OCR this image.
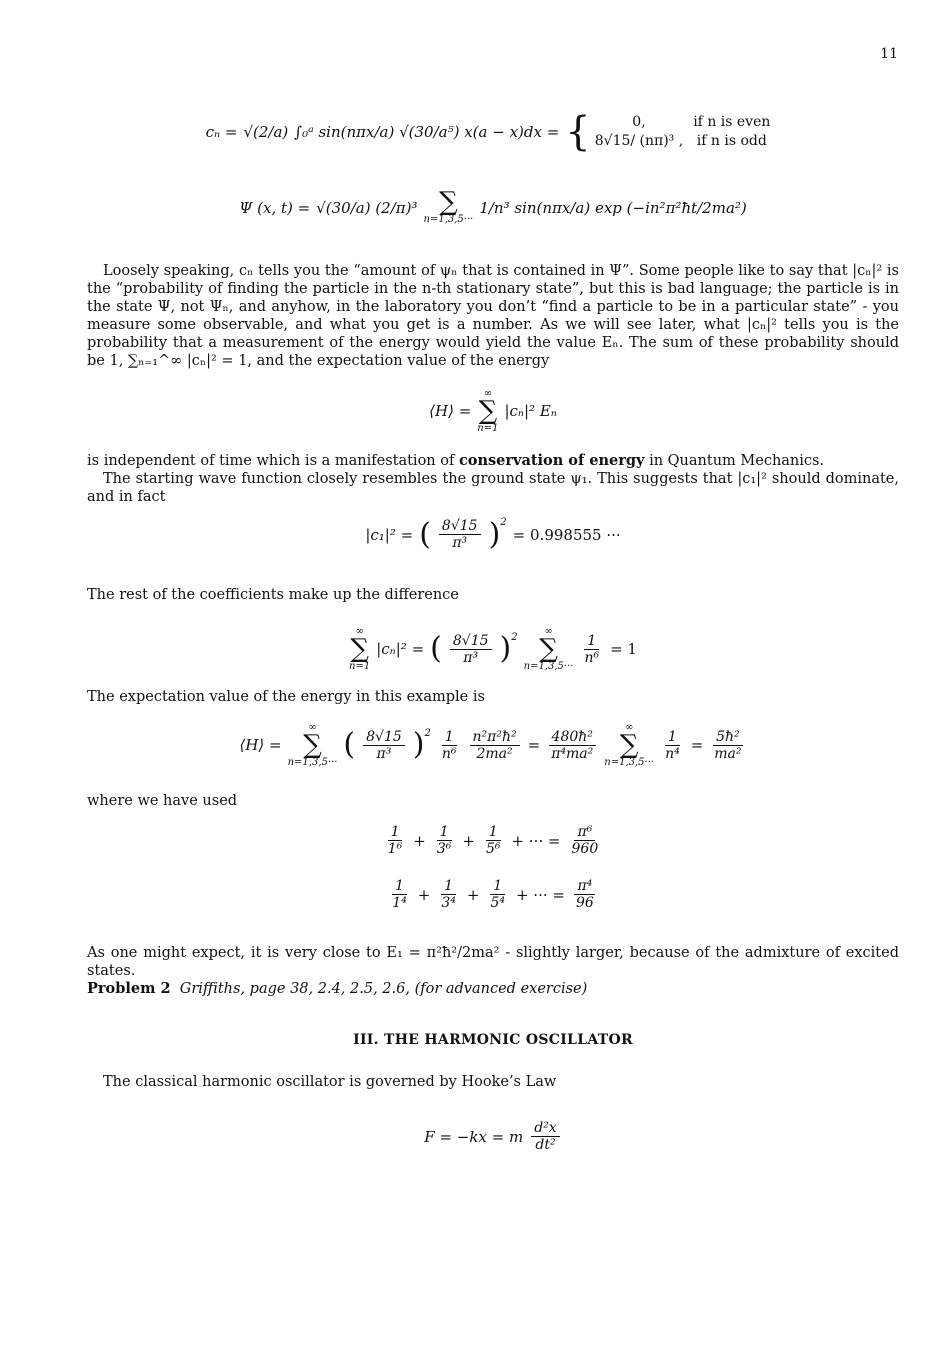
11
cₙ = √(2/a) ∫₀ᵃ sin(nπx/a) √(30/a⁵) x(a − x)dx = {	0,	if n is even
8√15/ (nπ)³ ,	if n is odd
Ψ (x, t) = √(30/a) (2/π)³ ∑
n=1,3,5···
1/n³ sin(nπx/a) exp (−in²π²ħt/2ma²)
Loosely speaking, cₙ tells you the “amount of ψₙ that is contained in Ψ”. Some people like to say that |cₙ|² is the “probability of finding the particle in the n-th stationary state”, but this is bad language; the particle is in the state Ψ, not Ψₙ, and anyhow, in the laboratory you don’t “find a particle to be in a particular state” - you measure some observable, and what you get is a number. As we will see later, what |cₙ|² tells you is the probability that a measurement of the energy would yield the value Eₙ. The sum of these probability should be 1, ∑ₙ₌₁^∞ |cₙ|² = 1, and the expectation value of the energy
⟨H⟩ =
∞
∑
n=1
|cₙ|² Eₙ
is independent of time which is a manifestation of conservation of energy in Quantum Mechanics.
The starting wave function closely resembles the ground state ψ₁. This suggests that |c₁|² should dominate, and in fact
|c₁|² = ( $\frac{8√15}{\text{π³}}$ ) 2
= 0.998555 ···
The rest of the coefficients make up the difference
∞
∑
n=1
|cₙ|² = ( $\frac{8√15}{\text{π³}}$ ) 2	∞
∑
n=1,3,5···
$\frac{1}{\text{n⁶}} = 1$
The expectation value of the energy in this example is
⟨H⟩ =
∞
∑
n=1,3,5···
( $\frac{8√15}{\text{π³}}$ ) $2 \frac{1}{\text{n⁶}} \frac{\text{n²π²ħ²}}{\text{2ma²}} = \frac{\text{480ħ²}}{\text{π⁴ma²}}$
∞
∑
n=1,3,5···
$\frac{1}{\text{n⁴}} = \frac{\text{5ħ²}}{\text{ma²}}$
where we have used
$\frac{1}{\text{1⁶}} + \frac{1}{\text{3⁶}} + \frac{1}{\text{5⁶}}$ + ··· = $\frac{\text{π⁶}}{960}$
$\frac{1}{\text{1⁴}} + \frac{1}{\text{3⁴}} + \frac{1}{\text{5⁴}}$ + ··· = $\frac{\text{π⁴}}{96}$
As one might expect, it is very close to E₁ = π²ħ²/2ma² - slightly larger, because of the admixture of excited states.
Problem 2 Griffiths, page 38, 2.4, 2.5, 2.6, (for advanced exercise)
III. THE HARMONIC OSCILLATOR
The classical harmonic oscillator is governed by Hooke’s Law
F = −kx = m $\frac{\text{d²x}}{\text{dt²}}$
